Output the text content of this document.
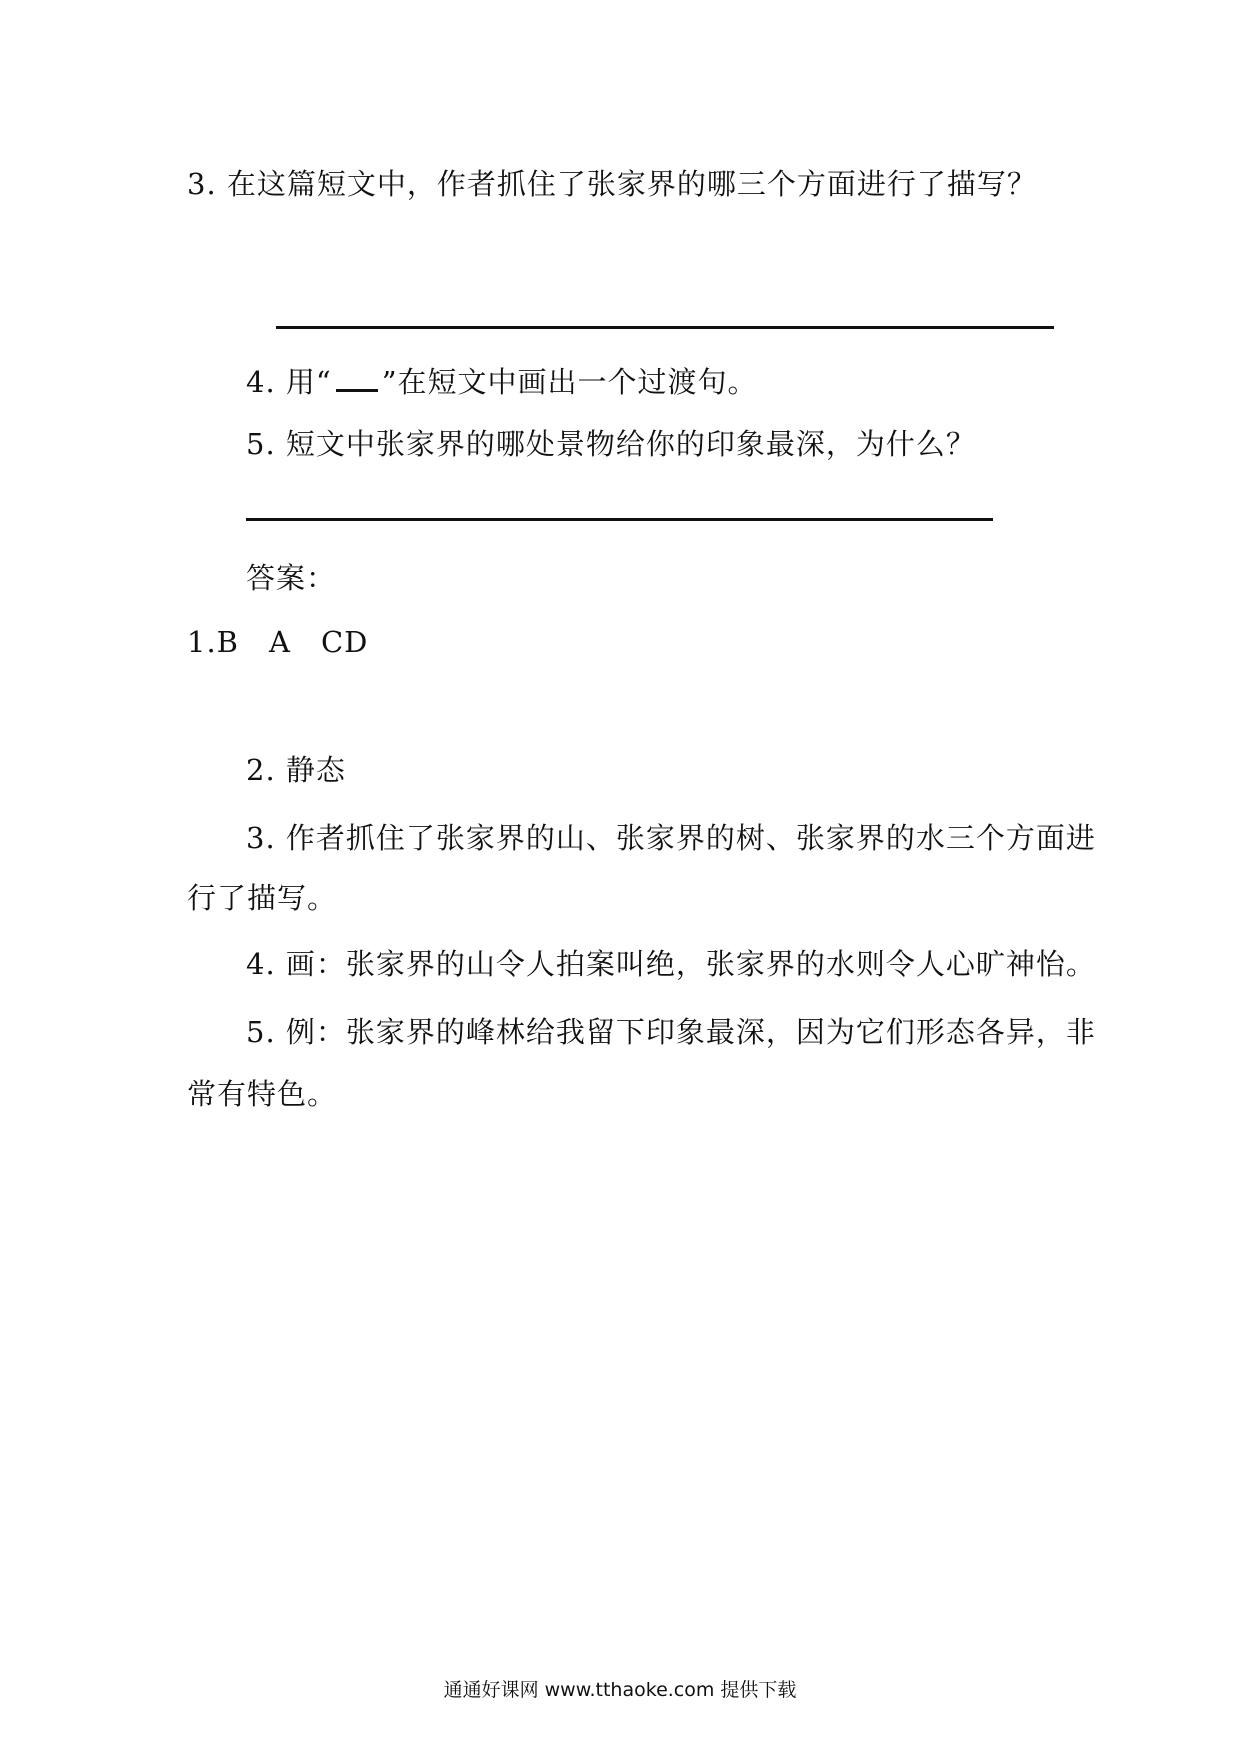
3. 在这篇短文中，作者抓住了张家界的哪三个方面进行了描写？
4. 用“ ”在短文中画出一个过渡句。
5. 短文中张家界的哪处景物给你的印象最深，为什么？
答案：
1.B A CD
2. 静态
3. 作者抓住了张家界的山、张家界的树、张家界的水三个方面进
行了描写。
4. 画：张家界的山令人拍案叫绝，张家界的水则令人心旷神怡。
5. 例：张家界的峰林给我留下印象最深，因为它们形态各异，非
常有特色。
通通好课网 www.tthaoke.com 提供下载
